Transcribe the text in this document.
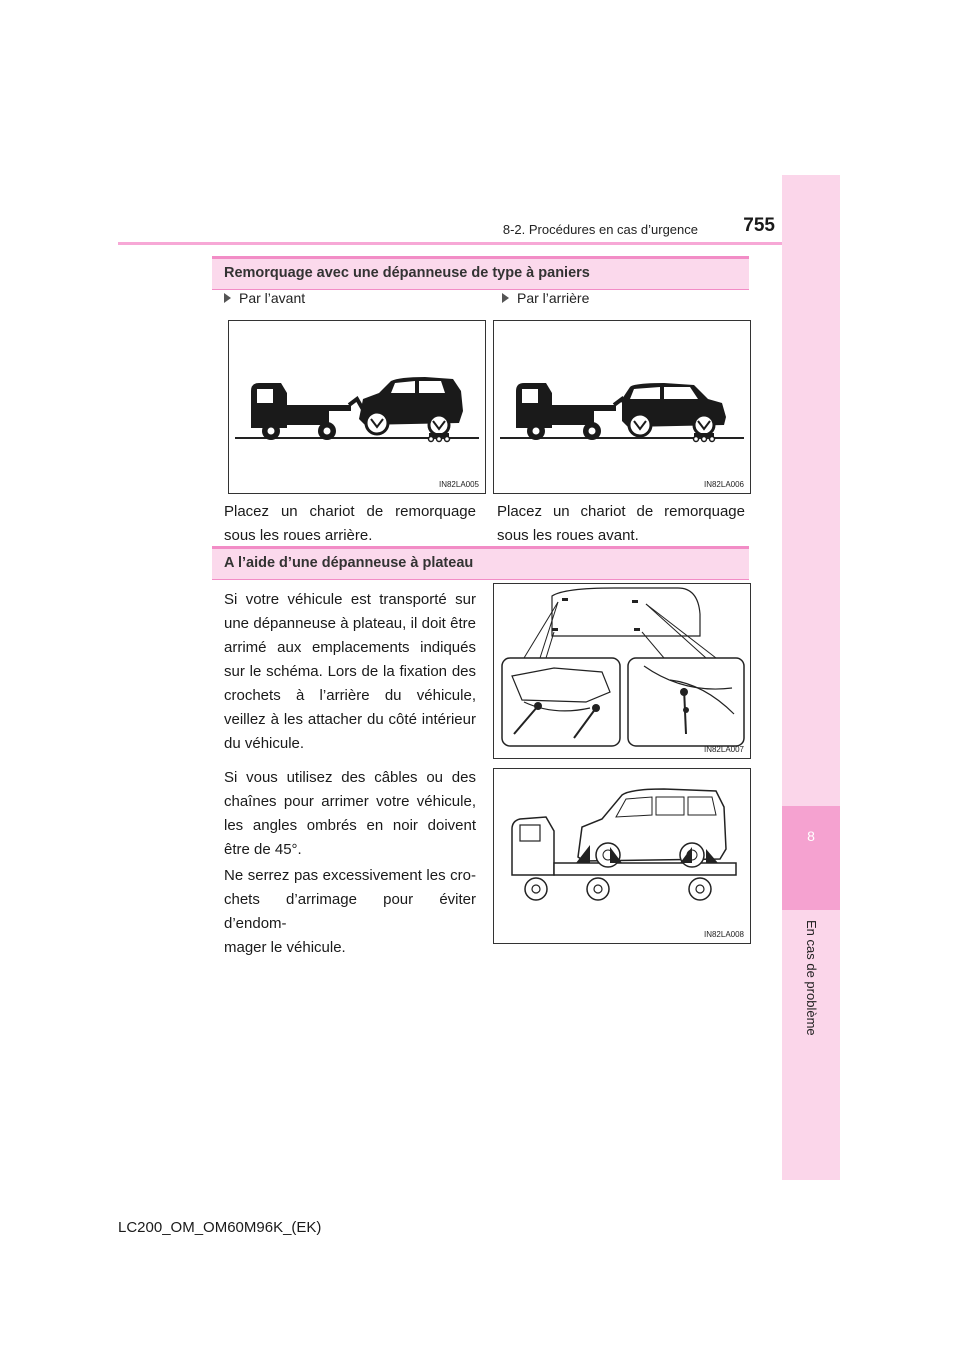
8-2. Procédures en cas d’urgence 755
8
En cas de problème
Remorquage avec une dépanneuse de type à paniers
Par l’avant	Par l’arrière
IN82LA005	IN82LA006
Placez un chariot de remorquage
sous les roues arrière.
Placez un chariot de remorquage
sous les roues avant.
A l’aide d’une dépanneuse à plateau
Si votre véhicule est transporté sur
une dépanneuse à plateau, il doit être
arrimé aux emplacements indiqués
sur le schéma. Lors de la fixation des
crochets à l’arrière du véhicule,
veillez à les attacher du côté intérieur
du véhicule.
Si vous utilisez des câbles ou des
chaînes pour arrimer votre véhicule,
les angles ombrés en noir doivent
être de 45°.
Ne serrez pas excessivement les cro-
chets d’arrimage pour éviter d’endom-
mager le véhicule.
IN82LA007
IN82LA008
LC200_OM_OM60M96K_(EK)
